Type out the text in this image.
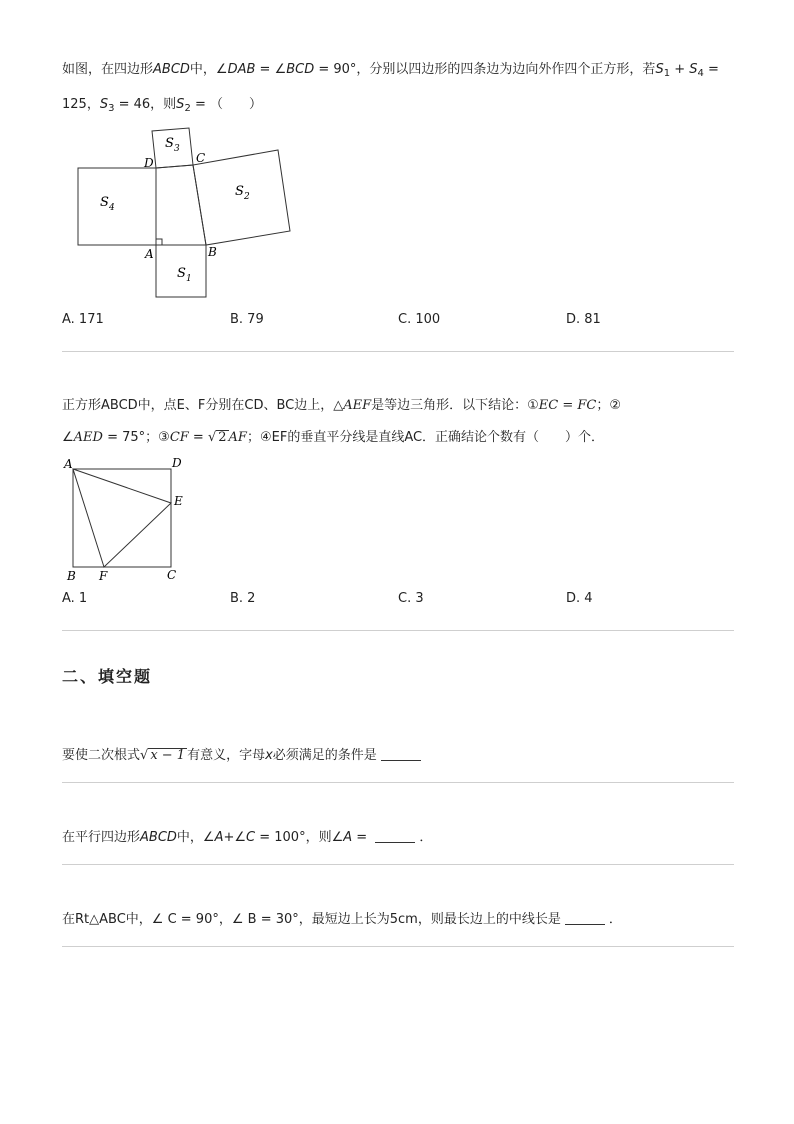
如图，在四边形ABCD中，∠DAB = ∠BCD = 90°，分别以四边形的四条边为边向外作四个正方形，若$S_1 + S_4$ =
125，$S_3 = 46$，则$S_2$ = （　　）
D	C
A	B
S 4
S 1
S 3
S 2
A. 171	B. 79	C. 100	D. 81
正方形ABCD中，点E、F分别在CD、BC边上，△AEF是等边三角形．以下结论：①EC = FC；②
∠AED = 75°；③CF = √ 2 AF；④EF的垂直平分线是直线AC．正确结论个数有（　　）个．
A	D
E
B F	C
A. 1	B. 2	C. 3	D. 4
二、填空题
要使二次根式√ x − 1 有意义，字母x必须满足的条件是
在平行四边形ABCD中，∠A+∠C = 100°，则∠A =	．
在Rt△ABC中，∠ C = 90°，∠ B = 30°，最短边上长为5cm，则最长边上的中线长是	．
